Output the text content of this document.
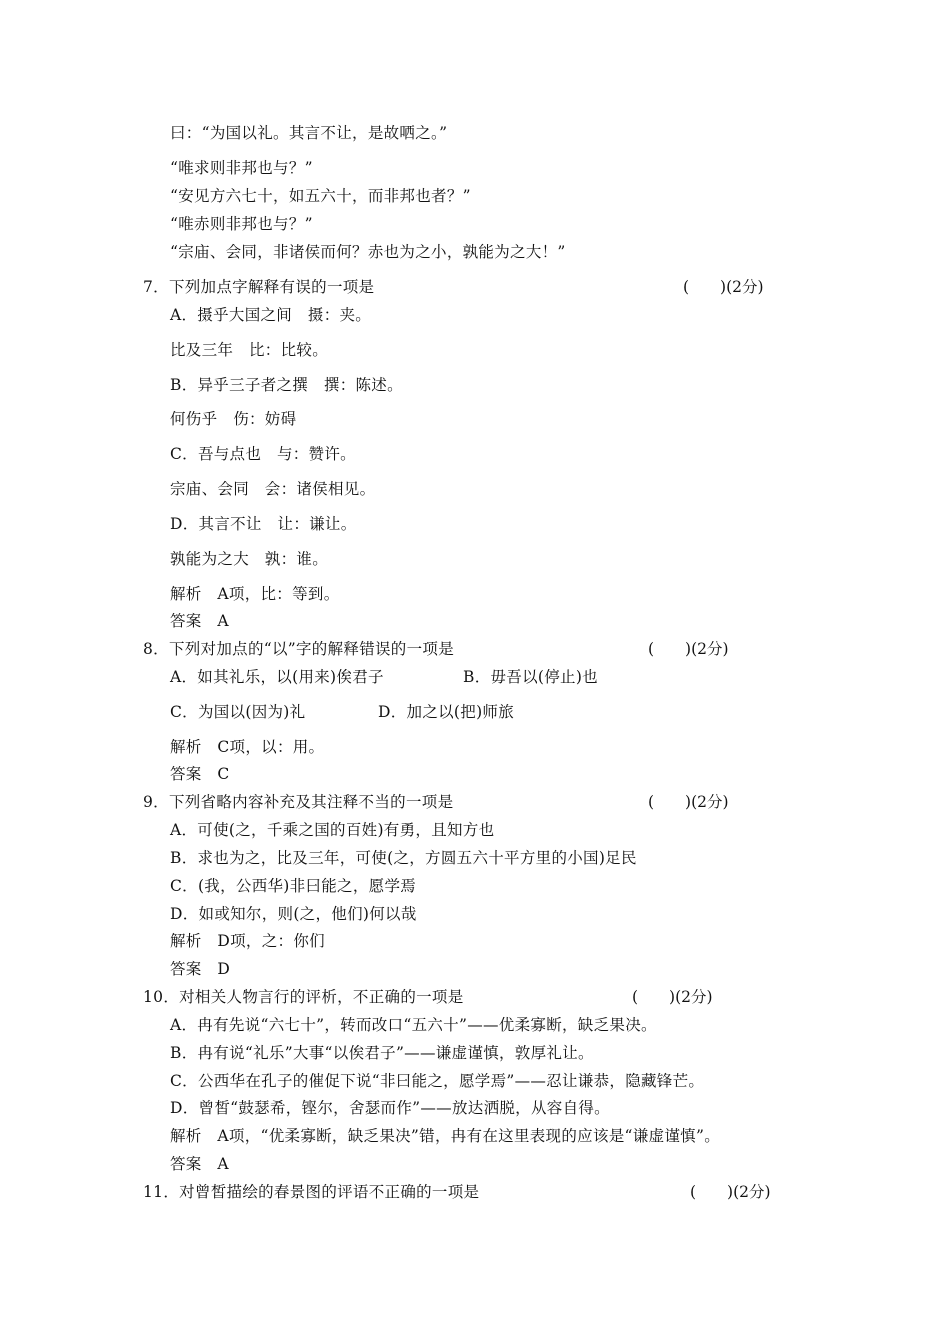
曰：“为国以礼。其言不让，是故哂之。”
“唯求则非邦也与？”
“安见方六七十，如五六十，而非邦也者？”
“唯赤则非邦也与？”
“宗庙、会同，非诸侯而何？赤也为之小，孰能为之大！”
7．下列加点字解释有误的一项是	(　　)(2分)
A．摄乎大国之间　摄：夹。
比及三年　比：比较。
B．异乎三子者之撰　撰：陈述。
何伤乎　伤：妨碍
C．吾与点也　与：赞许。
宗庙、会同　会：诸侯相见。
D．其言不让　让：谦让。
孰能为之大　孰：谁。
解析　A项，比：等到。
答案　A
8．下列对加点的“以”字的解释错误的一项是	(　　)(2分)
A．如其礼乐，以(用来)俟君子	B．毋吾以(停止)也
C．为国以(因为)礼	D．加之以(把)师旅
解析　C项，以：用。
答案　C
9．下列省略内容补充及其注释不当的一项是	(　　)(2分)
A．可使(之，千乘之国的百姓)有勇，且知方也
B．求也为之，比及三年，可使(之，方圆五六十平方里的小国)足民
C．(我，公西华)非曰能之，愿学焉
D．如或知尔，则(之，他们)何以哉
解析　D项，之：你们
答案　D
10．对相关人物言行的评析，不正确的一项是	(　　)(2分)
A．冉有先说“六七十”，转而改口“五六十”——优柔寡断，缺乏果决。
B．冉有说“礼乐”大事“以俟君子”——谦虚谨慎，敦厚礼让。
C．公西华在孔子的催促下说“非曰能之，愿学焉”——忍让谦恭，隐藏锋芒。
D．曾皙“鼓瑟希，铿尔，舍瑟而作”——放达洒脱，从容自得。
解析　A项，“优柔寡断，缺乏果决”错，冉有在这里表现的应该是“谦虚谨慎”。
答案　A
11．对曾皙描绘的春景图的评语不正确的一项是	(　　)(2分)
